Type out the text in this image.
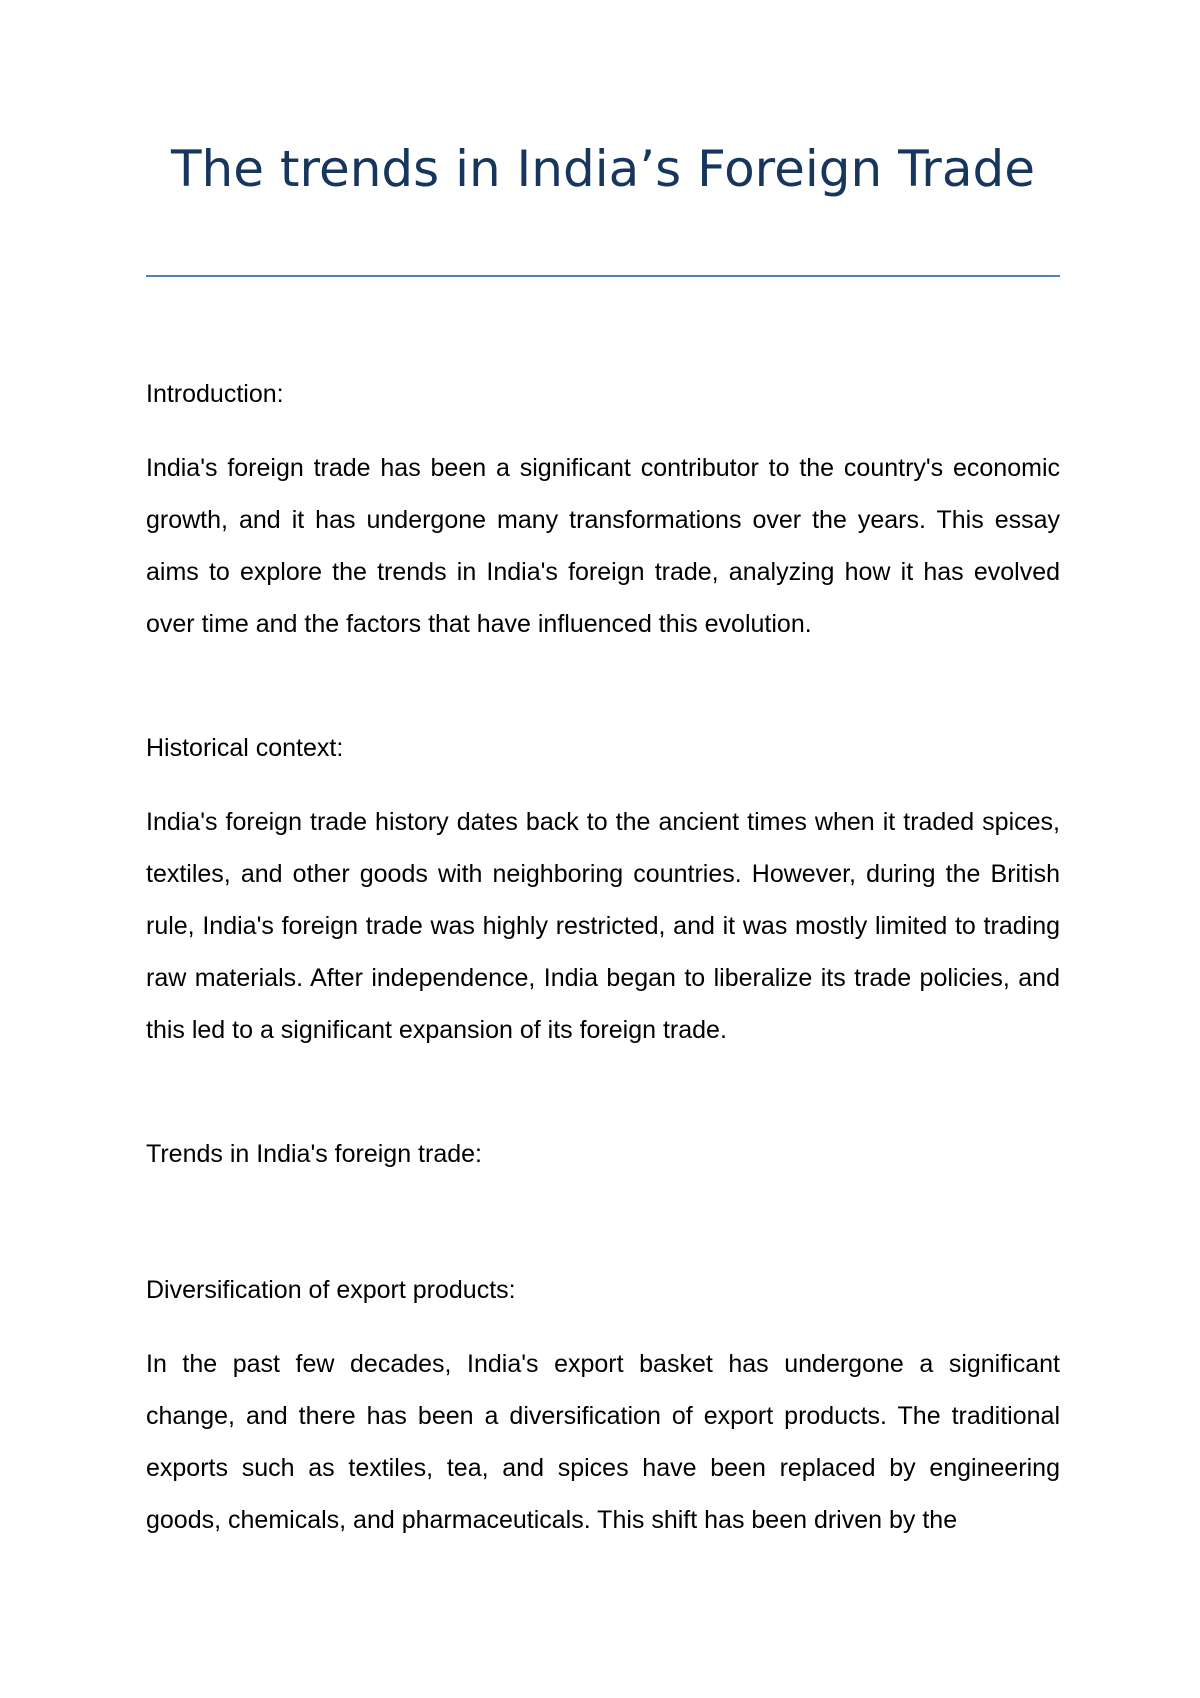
The trends in India’s Foreign Trade

Introduction:

India's foreign trade has been a significant contributor to the country's economic growth, and it has undergone many transformations over the years. This essay aims to explore the trends in India's foreign trade, analyzing how it has evolved over time and the factors that have influenced this evolution.

Historical context:

India's foreign trade history dates back to the ancient times when it traded spices, textiles, and other goods with neighboring countries. However, during the British rule, India's foreign trade was highly restricted, and it was mostly limited to trading raw materials. After independence, India began to liberalize its trade policies, and this led to a significant expansion of its foreign trade.

Trends in India's foreign trade:

Diversification of export products:

In the past few decades, India's export basket has undergone a significant change, and there has been a diversification of export products. The traditional exports such as textiles, tea, and spices have been replaced by engineering goods, chemicals, and pharmaceuticals. This shift has been driven by the
